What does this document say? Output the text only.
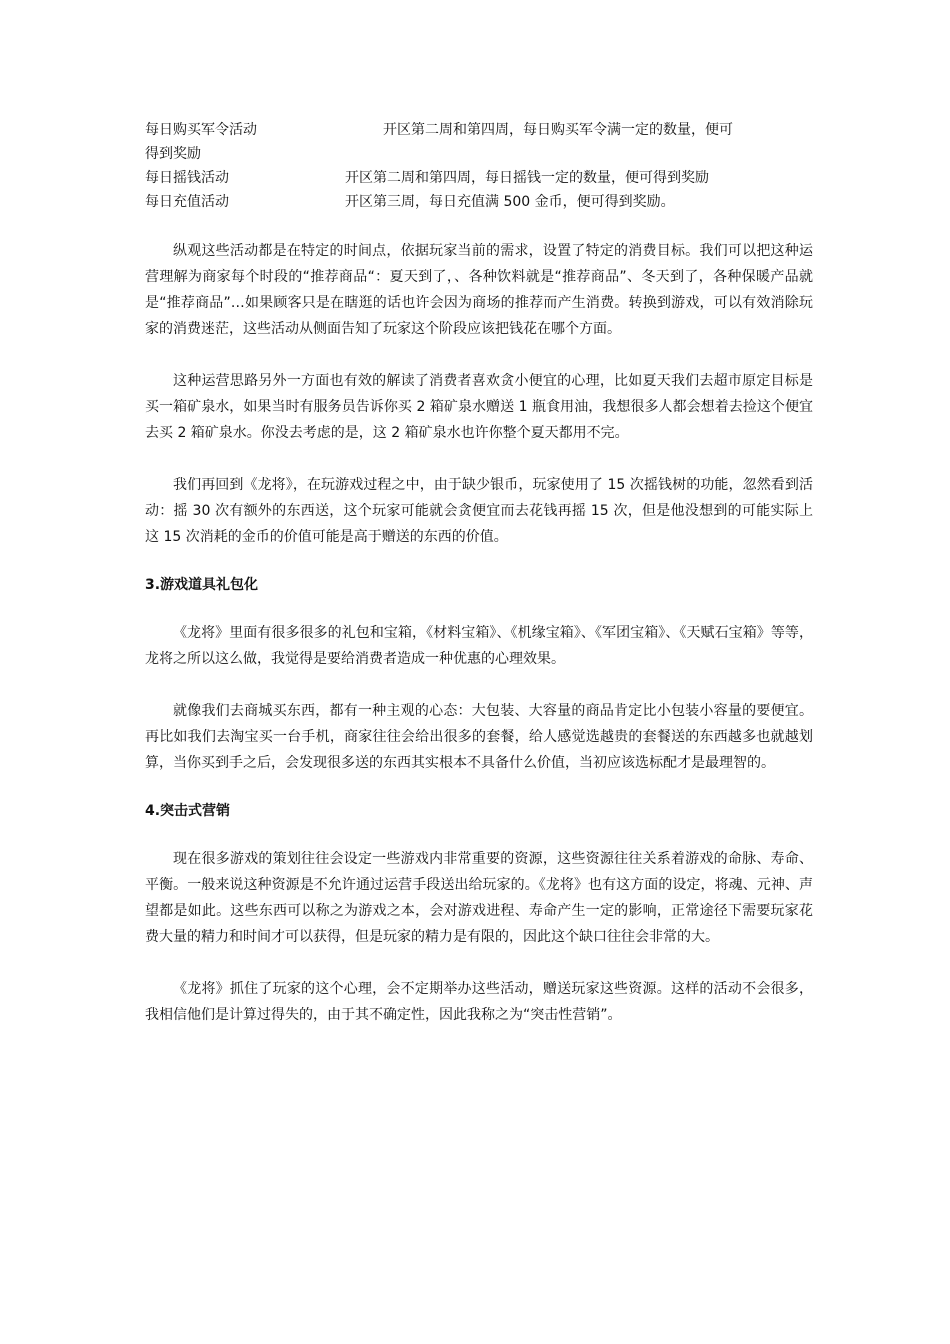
每日购买军令活动	开区第二周和第四周，每日购买军令满一定的数量，便可
得到奖励
每日摇钱活动	开区第二周和第四周，每日摇钱一定的数量，便可得到奖励
每日充值活动	开区第三周，每日充值满 500 金币，便可得到奖励。

纵观这些活动都是在特定的时间点，依据玩家当前的需求，设置了特定的消费目标。我们可以把这种运营理解为商家每个时段的“推荐商品“：夏天到了，、各种饮料就是“推荐商品”、冬天到了，各种保暖产品就是“推荐商品”…如果顾客只是在瞎逛的话也许会因为商场的推荐而产生消费。转换到游戏，可以有效消除玩家的消费迷茫，这些活动从侧面告知了玩家这个阶段应该把钱花在哪个方面。

这种运营思路另外一方面也有效的解读了消费者喜欢贪小便宜的心理，比如夏天我们去超市原定目标是买一箱矿泉水，如果当时有服务员告诉你买 2 箱矿泉水赠送 1 瓶食用油，我想很多人都会想着去捡这个便宜去买 2 箱矿泉水。你没去考虑的是，这 2 箱矿泉水也许你整个夏天都用不完。

我们再回到《龙将》，在玩游戏过程之中，由于缺少银币，玩家使用了 15 次摇钱树的功能，忽然看到活动：摇 30 次有额外的东西送，这个玩家可能就会贪便宜而去花钱再摇 15 次，但是他没想到的可能实际上这 15 次消耗的金币的价值可能是高于赠送的东西的价值。

3.游戏道具礼包化

《龙将》里面有很多很多的礼包和宝箱，《材料宝箱》、《机缘宝箱》、《军团宝箱》、《天赋石宝箱》等等，龙将之所以这么做，我觉得是要给消费者造成一种优惠的心理效果。

就像我们去商城买东西，都有一种主观的心态：大包装、大容量的商品肯定比小包装小容量的要便宜。再比如我们去淘宝买一台手机，商家往往会给出很多的套餐，给人感觉选越贵的套餐送的东西越多也就越划算，当你买到手之后，会发现很多送的东西其实根本不具备什么价值，当初应该选标配才是最理智的。

4.突击式营销

现在很多游戏的策划往往会设定一些游戏内非常重要的资源，这些资源往往关系着游戏的命脉、寿命、平衡。一般来说这种资源是不允许通过运营手段送出给玩家的。《龙将》也有这方面的设定，将魂、元神、声望都是如此。这些东西可以称之为游戏之本，会对游戏进程、寿命产生一定的影响，正常途径下需要玩家花费大量的精力和时间才可以获得，但是玩家的精力是有限的，因此这个缺口往往会非常的大。

《龙将》抓住了玩家的这个心理，会不定期举办这些活动，赠送玩家这些资源。这样的活动不会很多，我相信他们是计算过得失的，由于其不确定性，因此我称之为“突击性营销”。
